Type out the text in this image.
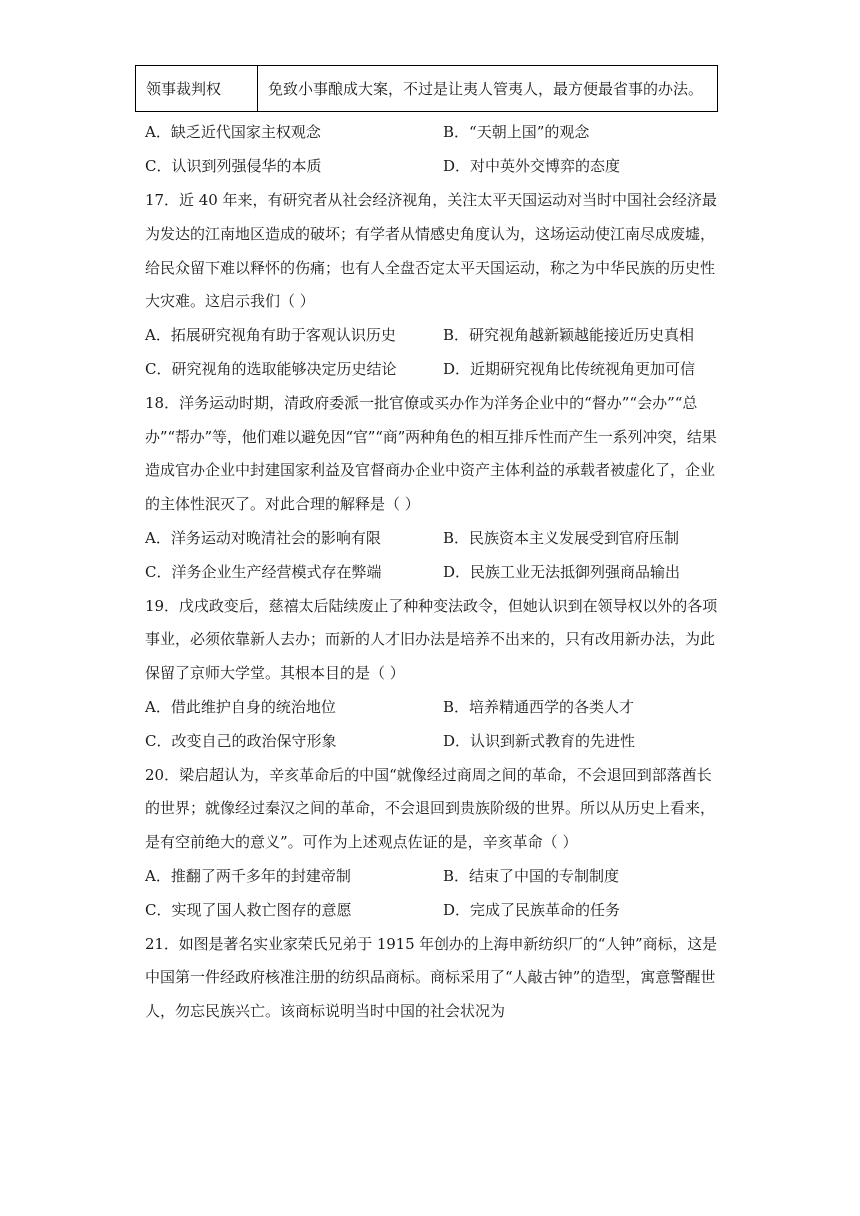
领事裁判权	免致小事酿成大案，不过是让夷人管夷人，最方便最省事的办法。
A．缺乏近代国家主权观念	B．“天朝上国”的观念
C．认识到列强侵华的本质	D．对中英外交博弈的态度
17．近 40 年来，有研究者从社会经济视角，关注太平天国运动对当时中国社会经济最
为发达的江南地区造成的破坏；有学者从情感史角度认为，这场运动使江南尽成废墟，
给民众留下难以释怀的伤痛；也有人全盘否定太平天国运动，称之为中华民族的历史性
大灾难。这启示我们（ ）
A．拓展研究视角有助于客观认识历史	B．研究视角越新颖越能接近历史真相
C．研究视角的选取能够决定历史结论	D．近期研究视角比传统视角更加可信
18．洋务运动时期，清政府委派一批官僚或买办作为洋务企业中的“督办”“会办”“总
办”“帮办”等，他们难以避免因“官”“商”两种角色的相互排斥性而产生一系列冲突，结果
造成官办企业中封建国家利益及官督商办企业中资产主体利益的承载者被虚化了，企业
的主体性泯灭了。对此合理的解释是（ ）
A．洋务运动对晚清社会的影响有限	B．民族资本主义发展受到官府压制
C．洋务企业生产经营模式存在弊端	D．民族工业无法抵御列强商品输出
19．戊戌政变后，慈禧太后陆续废止了种种变法政令，但她认识到在领导权以外的各项
事业，必须依靠新人去办；而新的人才旧办法是培养不出来的，只有改用新办法，为此
保留了京师大学堂。其根本目的是（ ）
A．借此维护自身的统治地位	B．培养精通西学的各类人才
C．改变自己的政治保守形象	D．认识到新式教育的先进性
20．梁启超认为，辛亥革命后的中国“就像经过商周之间的革命，不会退回到部落酋长
的世界；就像经过秦汉之间的革命，不会退回到贵族阶级的世界。所以从历史上看来，
是有空前绝大的意义”。可作为上述观点佐证的是，辛亥革命（ ）
A．推翻了两千多年的封建帝制	B．结束了中国的专制制度
C．实现了国人救亡图存的意愿	D．完成了民族革命的任务
21．如图是著名实业家荣氏兄弟于 1915 年创办的上海申新纺织厂的“人钟”商标，这是
中国第一件经政府核准注册的纺织品商标。商标采用了“人敲古钟”的造型，寓意警醒世
人，勿忘民族兴亡。该商标说明当时中国的社会状况为
